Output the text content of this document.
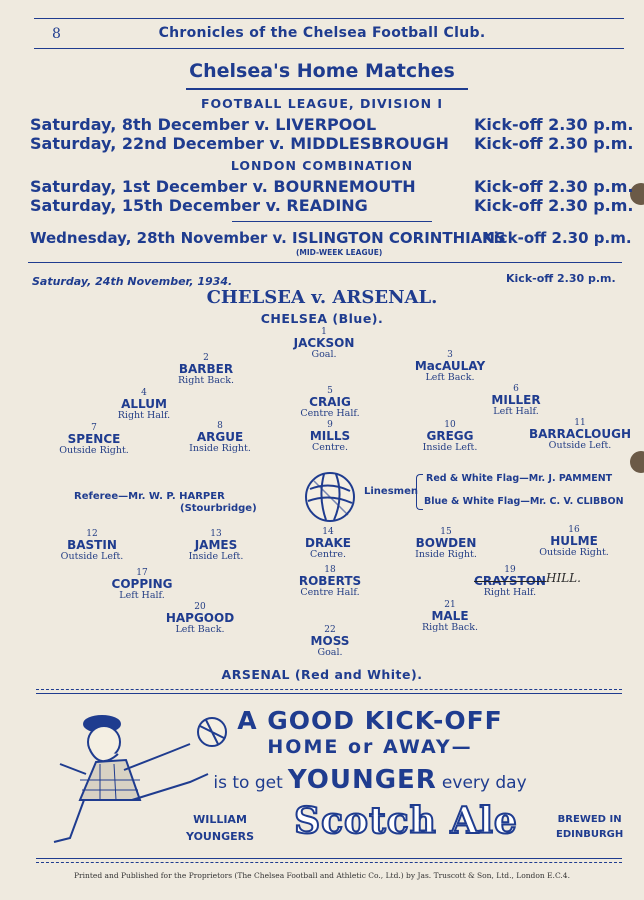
8	Chronicles of the Chelsea Football Club.
Chelsea's Home Matches
FOOTBALL LEAGUE, DIVISION I
Saturday, 8th December v. LIVERPOOL	Kick-off 2.30 p.m.
Saturday, 22nd December v. MIDDLESBROUGH Kick-off 2.30 p.m.
LONDON COMBINATION
Saturday, 1st December v. BOURNEMOUTH	Kick-off 2.30 p.m.
Saturday, 15th December v. READING	Kick-off 2.30 p.m.
Wednesday, 28th November v. ISLINGTON CORINTHIANS
Kick-off 2.30 p.m.
(MID-WEEK LEAGUE)
Saturday, 24th November, 1934.	Kick-off 2.30 p.m.
CHELSEA v. ARSENAL.
CHELSEA (Blue).
1
JACKSON
Goal.
2
BARBER
Right Back.
3
MacAULAY
Left Back.
4
ALLUM
Right Half.
5
CRAIG
Centre Half.
6
MILLER
Left Half.
7
SPENCE
Outside Right.
8
ARGUE
Inside Right.
9
MILLS
Centre.
10
GREGG
Inside Left.
11
BARRACLOUGH
Outside Left.
Referee—Mr. W. P. HARPER
(Stourbridge)
Linesmen
Red & White Flag—Mr. J. PAMMENT
Blue & White Flag—Mr. C. V. CLIBBON
12
BASTIN
Outside Left.
13
JAMES
Inside Left.
14
DRAKE
Centre.
15
BOWDEN
Inside Right.
16
HULME
Outside Right.
17
COPPING
Left Half.
18
ROBERTS
Centre Half.
19
CRAYSTON
Right Half.
HILL.
20
HAPGOOD
Left Back.
21
MALE
Right Back.
22
MOSS
Goal.
ARSENAL (Red and White).
A GOOD KICK-OFF
HOME or AWAY—
is to get YOUNGER every day
WILLIAM
YOUNGERS	Scotch Ale	BREWED IN
EDINBURGH
Printed and Published for the Proprietors (The Chelsea Football and Athletic Co., Ltd.) by Jas. Truscott & Son, Ltd., London E.C.4.
